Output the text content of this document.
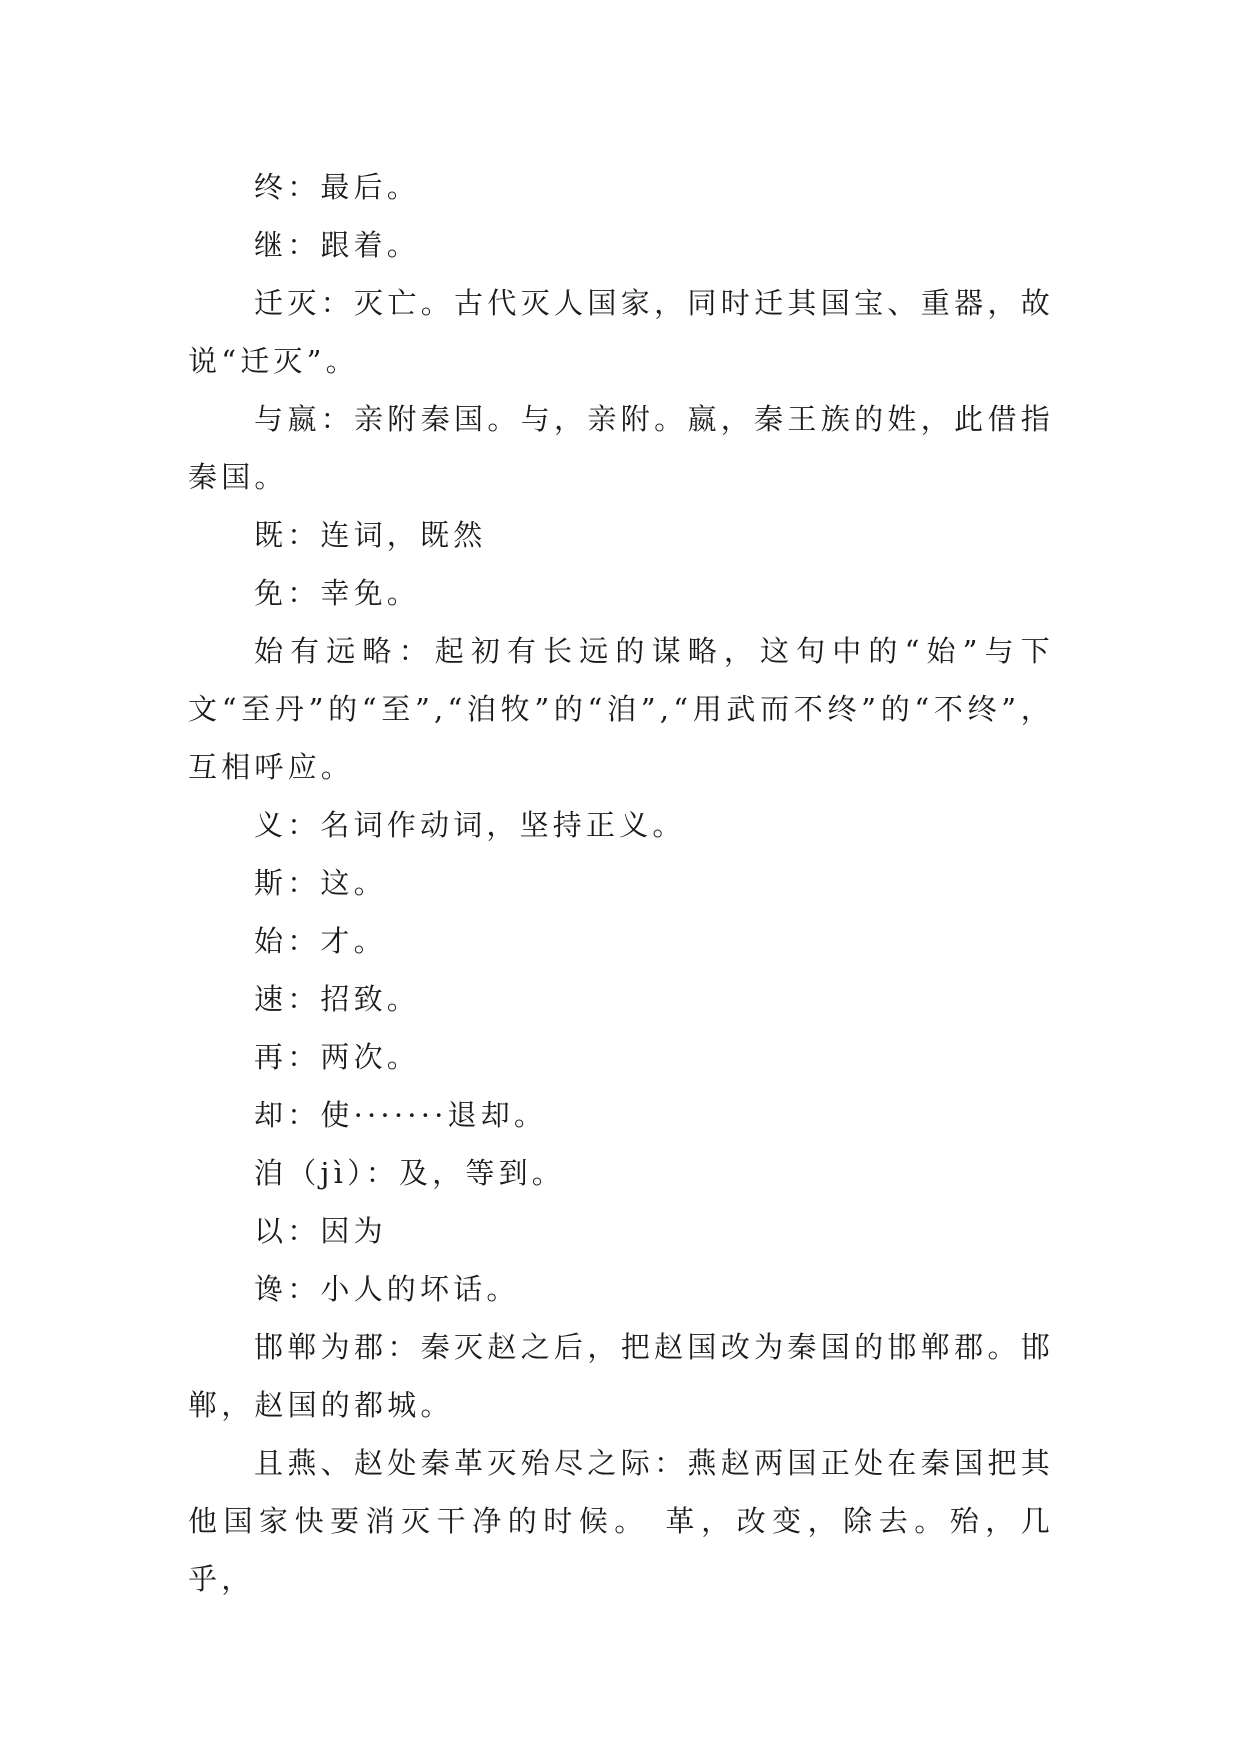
终：最后。

继：跟着。

迁灭：灭亡。古代灭人国家，同时迁其国宝、重器，故说“迁灭”。

与嬴：亲附秦国。与，亲附。嬴，秦王族的姓，此借指秦国。

既：连词，既然

免：幸免。

始有远略：起初有长远的谋略，这句中的“始”与下文“至丹”的“至”,“洎牧”的“洎”,“用武而不终”的“不终”，互相呼应。

义：名词作动词，坚持正义。

斯：这。

始：才。

速：招致。

再：两次。

却：使·······退却。

洎（jì）：及，等到。

以：因为

谗：小人的坏话。

邯郸为郡：秦灭赵之后，把赵国改为秦国的邯郸郡。邯郸，赵国的都城。

且燕、赵处秦革灭殆尽之际：燕赵两国正处在秦国把其他国家快要消灭干净的时候。 革，改变，除去。殆，几乎，
